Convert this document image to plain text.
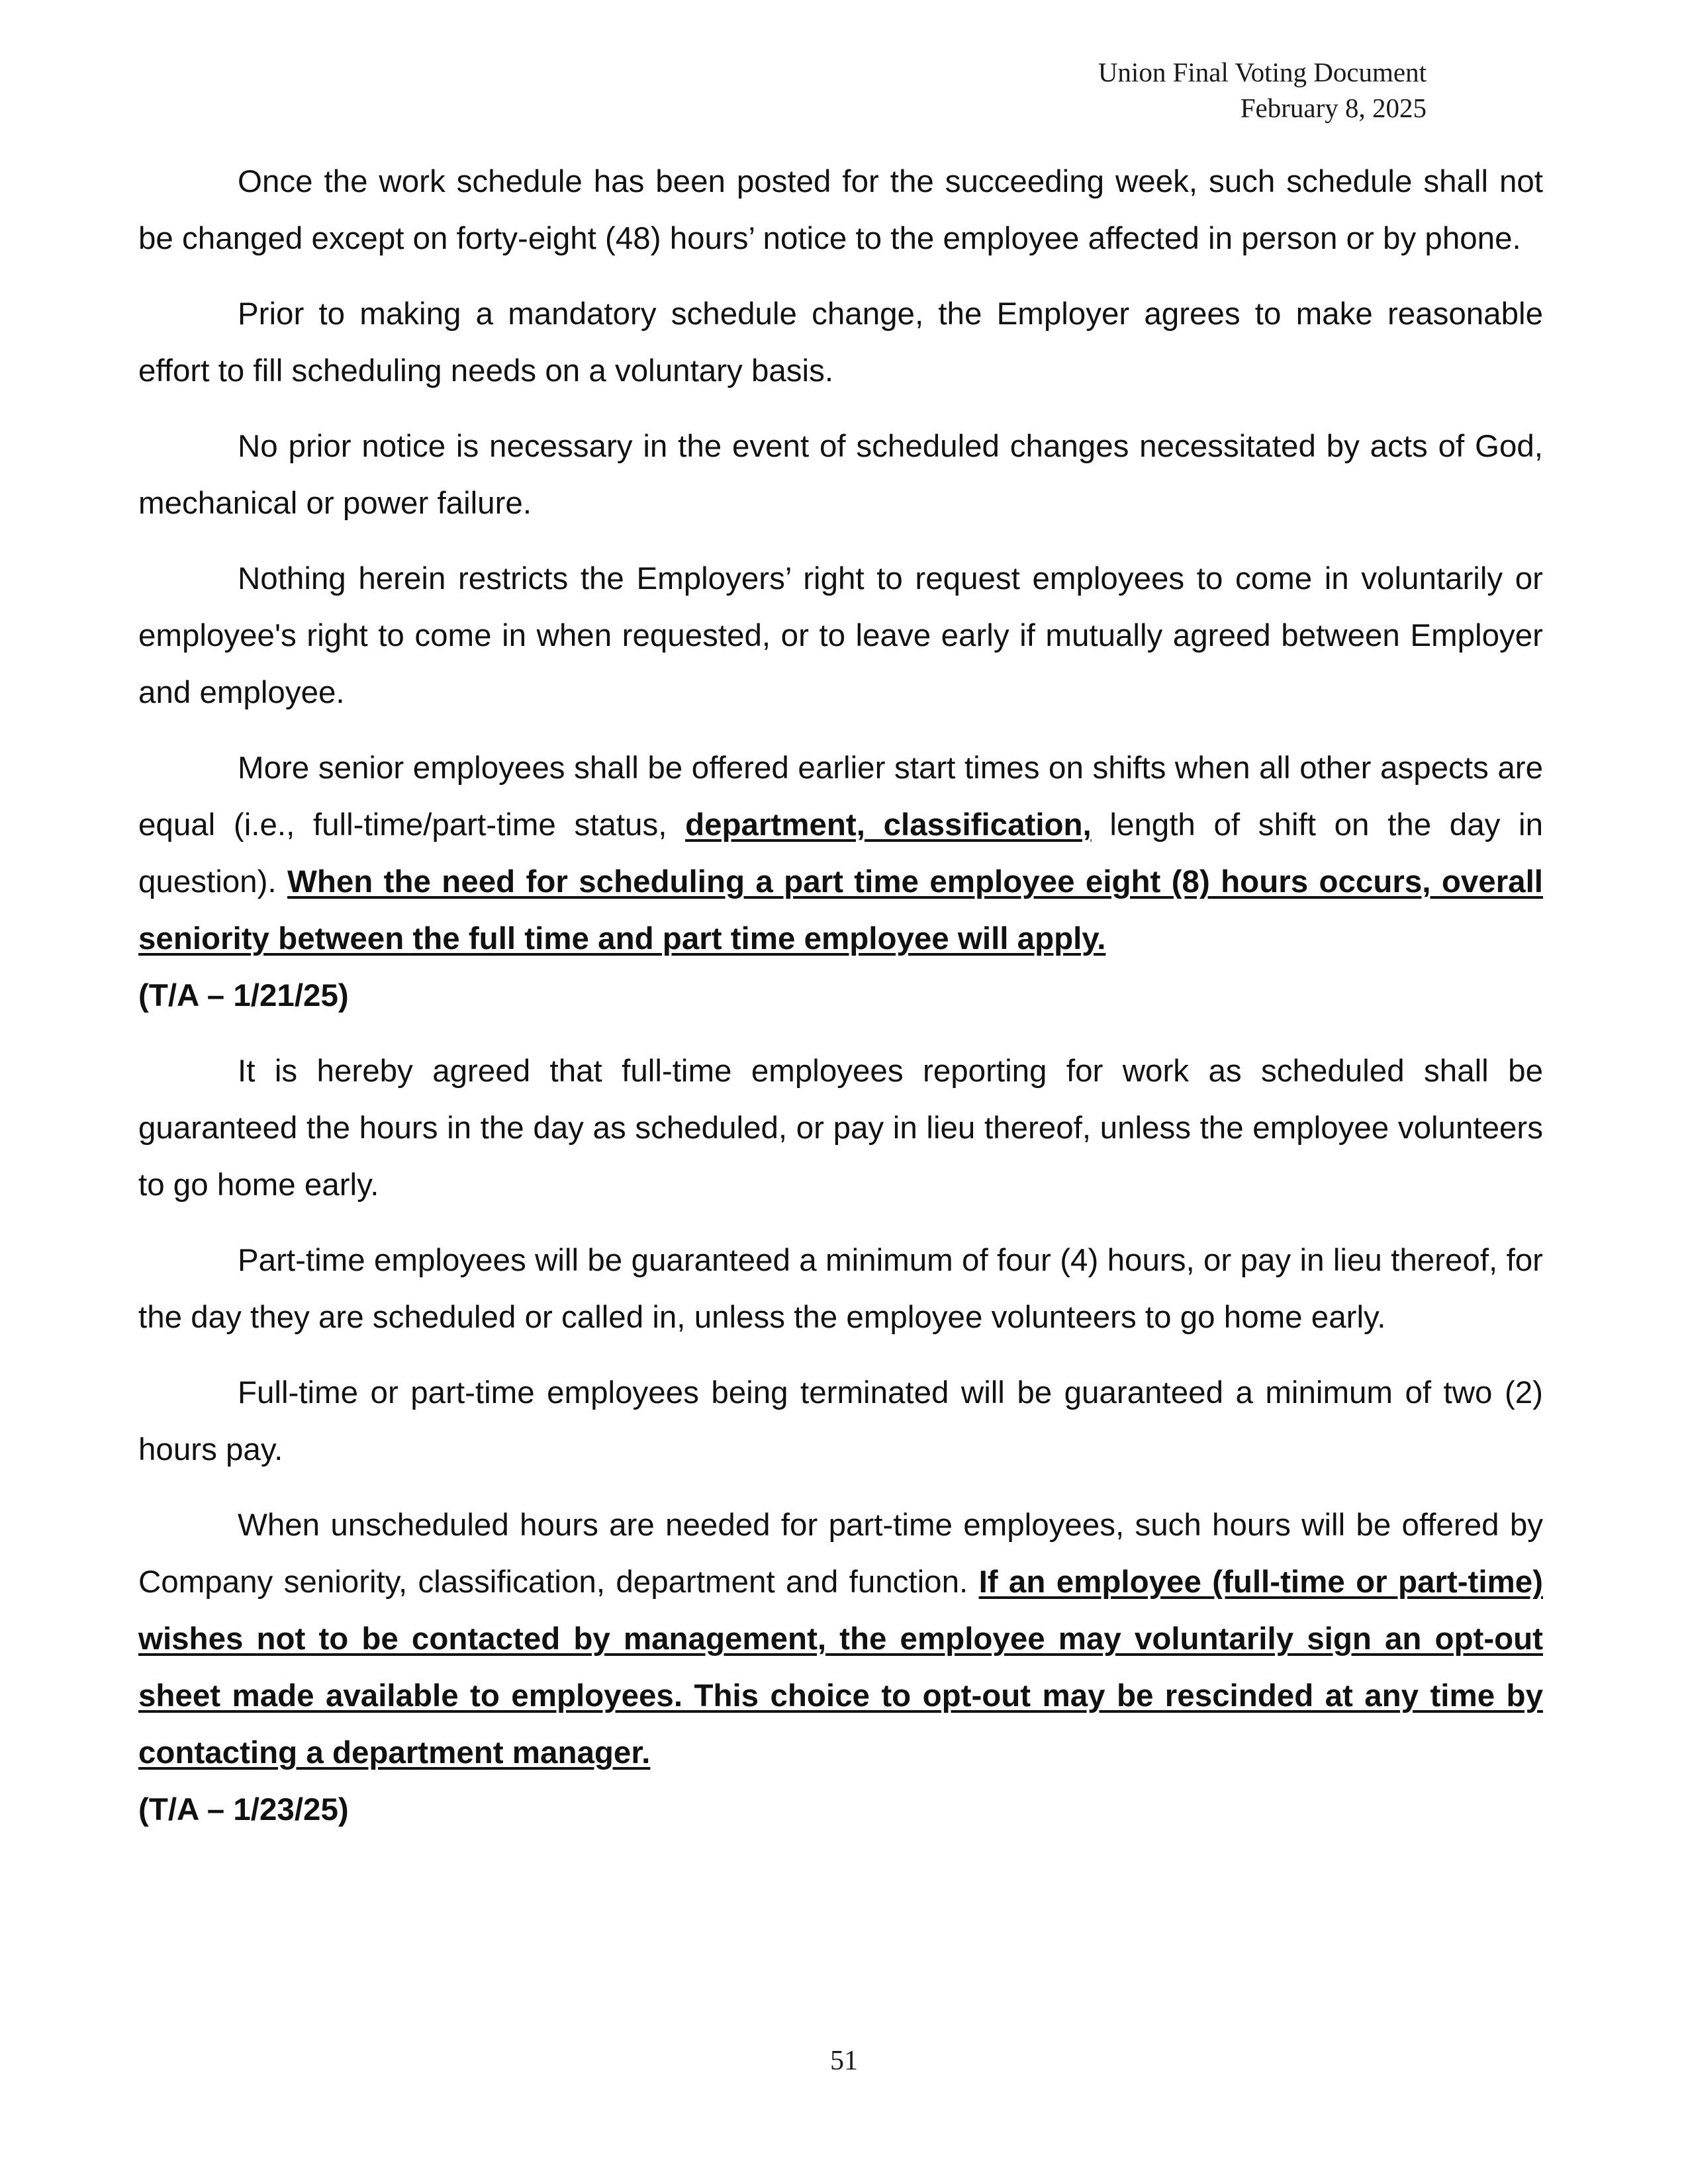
Union Final Voting Document
February 8, 2025

Once the work schedule has been posted for the succeeding week, such schedule shall not be changed except on forty-eight (48) hours’ notice to the employee affected in person or by phone.

Prior to making a mandatory schedule change, the Employer agrees to make reasonable effort to fill scheduling needs on a voluntary basis.

No prior notice is necessary in the event of scheduled changes necessitated by acts of God, mechanical or power failure.

Nothing herein restricts the Employers’ right to request employees to come in voluntarily or employee's right to come in when requested, or to leave early if mutually agreed between Employer and employee.

More senior employees shall be offered earlier start times on shifts when all other aspects are equal (i.e., full-time/part-time status, department, classification, length of shift on the day in question). When the need for scheduling a part time employee eight (8) hours occurs, overall seniority between the full time and part time employee will apply.

(T/A – 1/21/25)

It is hereby agreed that full-time employees reporting for work as scheduled shall be guaranteed the hours in the day as scheduled, or pay in lieu thereof, unless the employee volunteers to go home early.

Part-time employees will be guaranteed a minimum of four (4) hours, or pay in lieu thereof, for the day they are scheduled or called in, unless the employee volunteers to go home early.

Full-time or part-time employees being terminated will be guaranteed a minimum of two (2) hours pay.

When unscheduled hours are needed for part-time employees, such hours will be offered by Company seniority, classification, department and function. If an employee (full-time or part-time) wishes not to be contacted by management, the employee may voluntarily sign an opt-out sheet made available to employees. This choice to opt-out may be rescinded at any time by contacting a department manager.

(T/A – 1/23/25)
51
